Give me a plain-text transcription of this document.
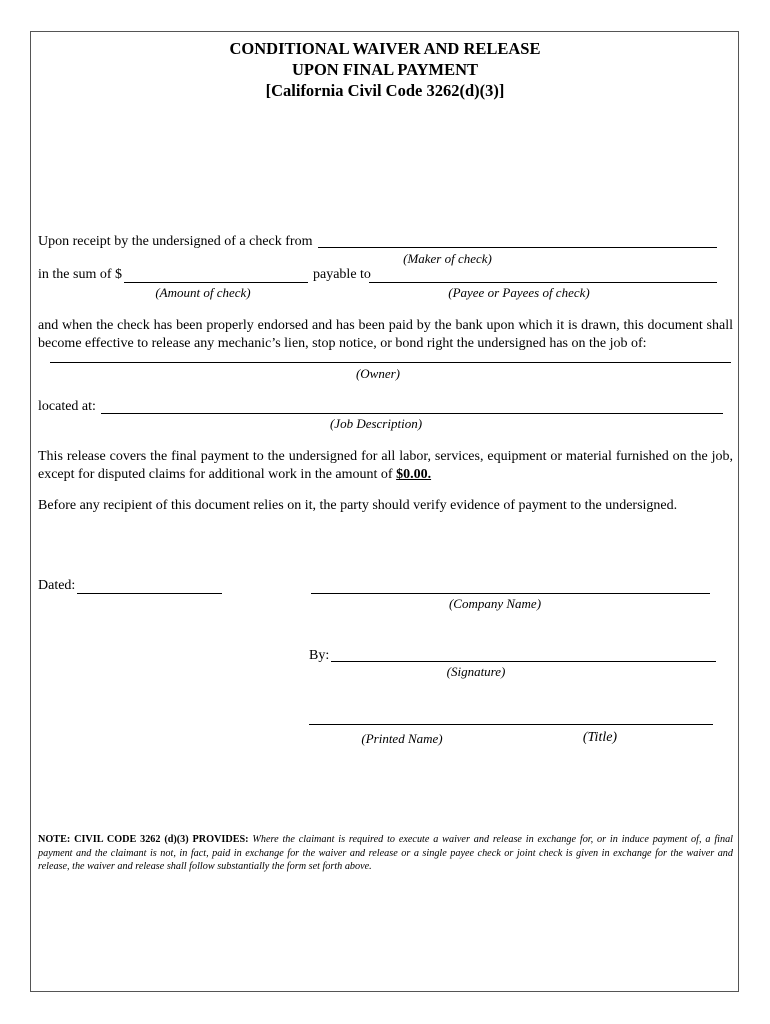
CONDITIONAL WAIVER AND RELEASE
UPON FINAL PAYMENT
[California Civil Code 3262(d)(3)]
Upon receipt by the undersigned of a check from
(Maker of check)
in the sum of $
(Amount of check)
payable to
(Payee or Payees of check)
and when the check has been properly endorsed and has been paid by the bank upon which it is drawn, this document shall become effective to release any mechanic’s lien, stop notice, or bond right the undersigned has on the job of:
(Owner)
located at:
(Job Description)
This release covers the final payment to the undersigned for all labor, services, equipment or material furnished on the job, except for disputed claims for additional work in the amount of $0.00.
Before any recipient of this document relies on it, the party should verify evidence of payment to the undersigned.
Dated:
(Company Name)
By:
(Signature)
(Printed Name)	(Title)
NOTE: CIVIL CODE 3262 (d)(3) PROVIDES: Where the claimant is required to execute a waiver and release in exchange for, or in induce payment of, a final payment and the claimant is not, in fact, paid in exchange for the waiver and release or a single payee check or joint check is given in exchange for the waiver and release, the waiver and release shall follow substantially the form set forth above.
